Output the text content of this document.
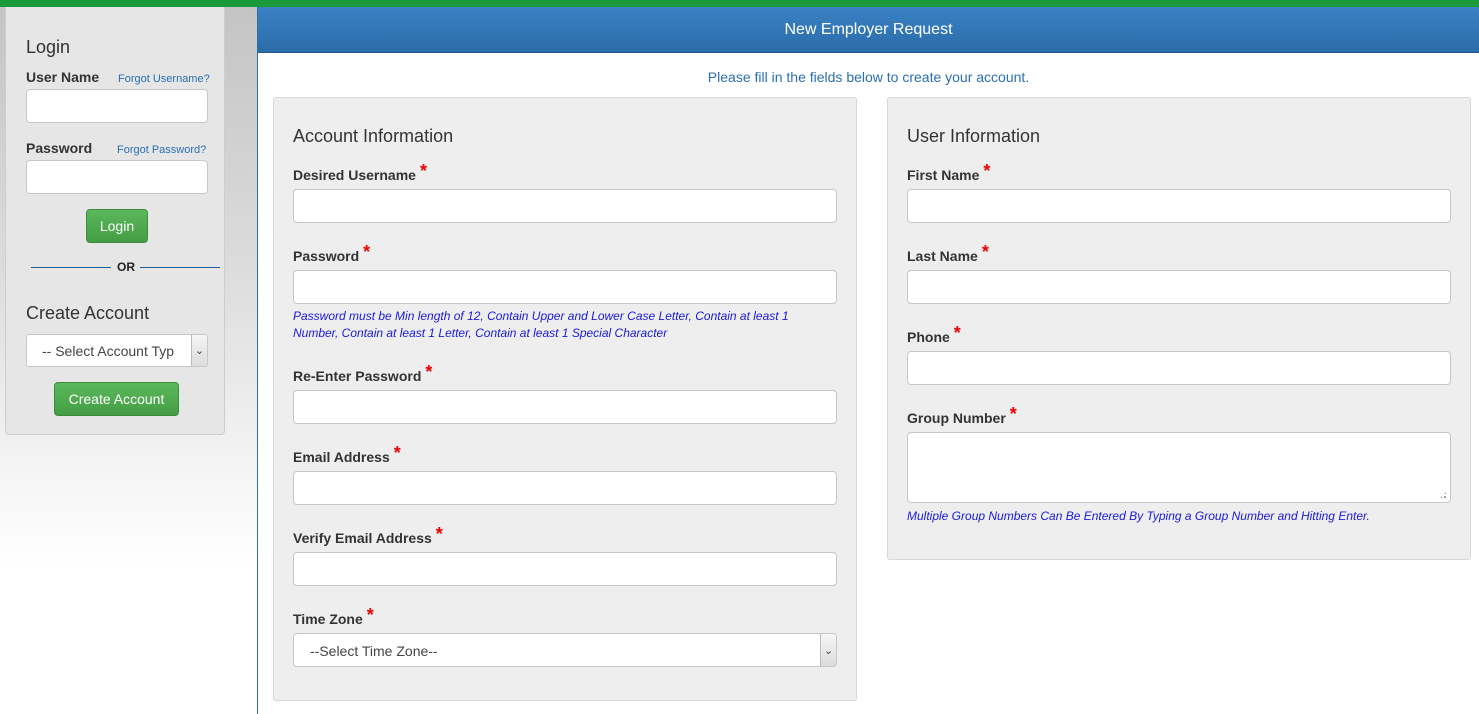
Login
User Name Forgot Username?
Password Forgot Password?
Login
OR
Create Account
-- Select Account Typ	⌄
Create Account
New Employer Request
Please fill in the fields below to create your account.
Account Information
Desired Username *
Password *
Password must be Min length of 12, Contain Upper and Lower Case Letter, Contain at least 1
Number, Contain at least 1 Letter, Contain at least 1 Special Character
Re-Enter Password *
Email Address *
Verify Email Address *
Time Zone *
--Select Time Zone--	⌄
User Information
First Name *
Last Name *
Phone *
Group Number *
Multiple Group Numbers Can Be Entered By Typing a Group Number and Hitting Enter.
